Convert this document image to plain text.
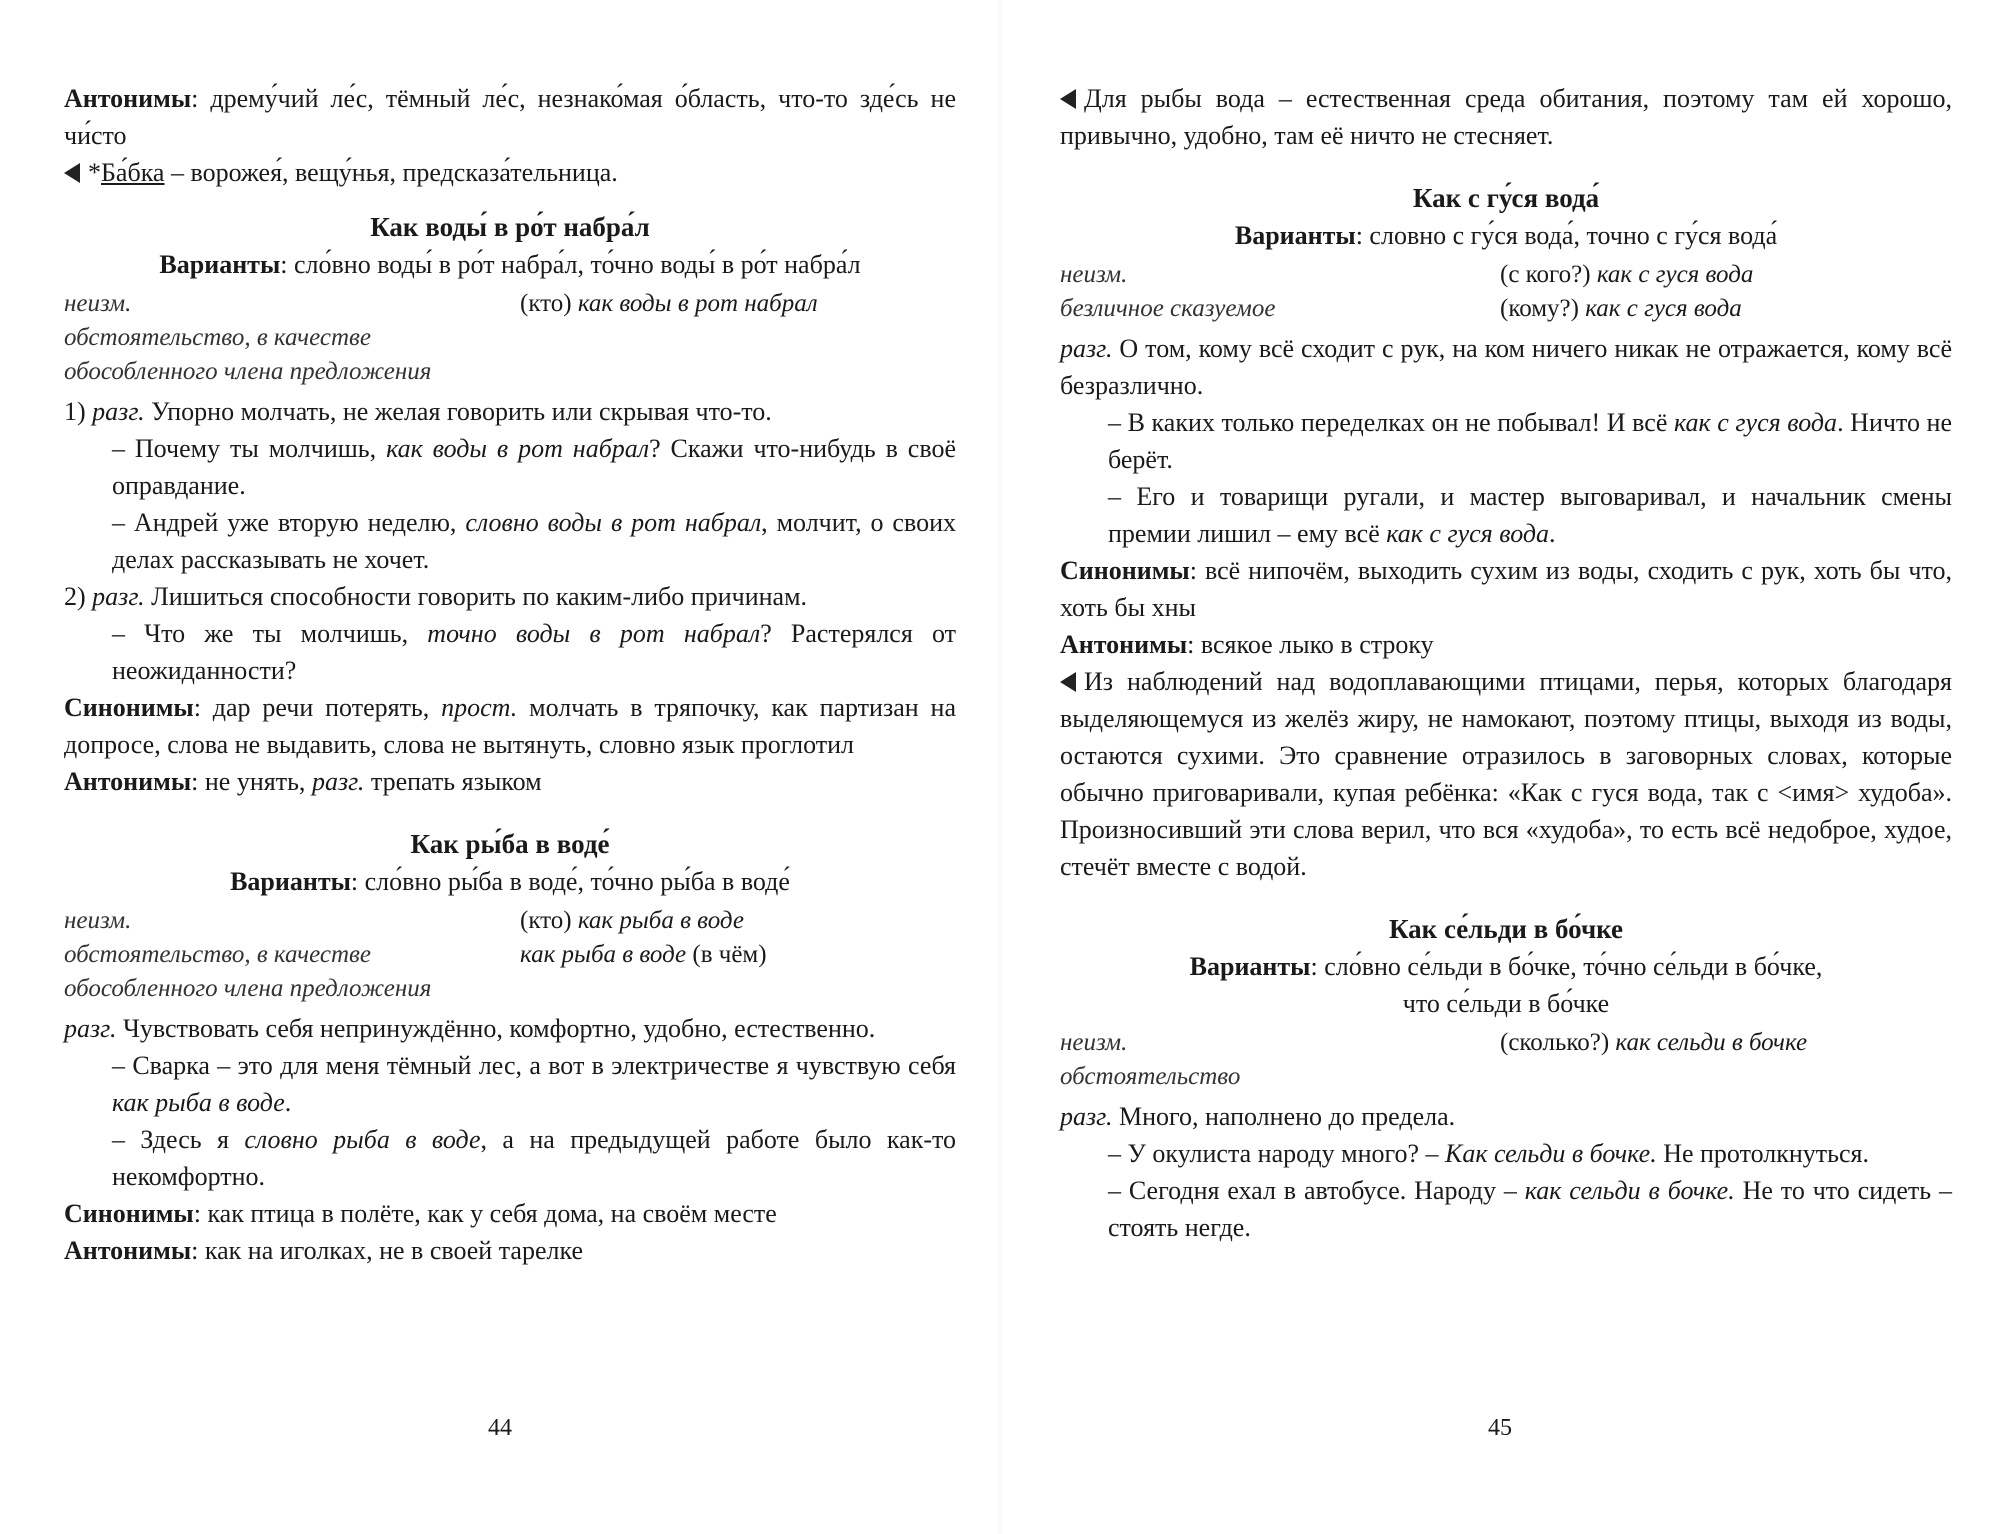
Антонимы: дрему́чий ле́с, тёмный ле́с, незнако́мая о́бласть, что-то зде́сь не чи́сто

*Ба́бка – ворожея́, вещу́нья, предсказа́тельница.

Как воды́ в ро́т набра́л

Варианты: сло́вно воды́ в ро́т набра́л, то́чно воды́ в ро́т набра́л

неизм.
обстоятельство, в качестве обособленного члена предложения
(кто) как воды в рот набрал

1) разг. Упорно молчать, не желая говорить или скрывая что-то.

– Почему ты молчишь, как воды в рот набрал? Скажи что-нибудь в своё оправдание.

– Андрей уже вторую неделю, словно воды в рот набрал, молчит, о своих делах рассказывать не хочет.

2) разг. Лишиться способности говорить по каким-либо причинам.

– Что же ты молчишь, точно воды в рот набрал? Растерялся от неожиданности?

Синонимы: дар речи потерять, прост. молчать в тряпочку, как партизан на допросе, слова не выдавить, слова не вытянуть, словно язык проглотил

Антонимы: не унять, разг. трепать языком

Как ры́ба в воде́

Варианты: сло́вно ры́ба в воде́, то́чно ры́ба в воде́

неизм.
обстоятельство, в качестве обособленного члена предложения
(кто) как рыба в воде
как рыба в воде (в чём)

разг. Чувствовать себя непринуждённо, комфортно, удобно, естественно.

– Сварка – это для меня тёмный лес, а вот в электричестве я чувствую себя как рыба в воде.

– Здесь я словно рыба в воде, а на предыдущей работе было как-то некомфортно.

Синонимы: как птица в полёте, как у себя дома, на своём месте

Антонимы: как на иголках, не в своей тарелке

44

Для рыбы вода – естественная среда обитания, поэтому там ей хорошо, привычно, удобно, там её ничто не стесняет.

Как с гу́ся вода́

Варианты: словно с гу́ся вода́, точно с гу́ся вода́

неизм.	(с кого?) как с гуся вода
безличное сказуемое	(кому?) как с гуся вода

разг. О том, кому всё сходит с рук, на ком ничего никак не отражается, кому всё безразлично.

– В каких только переделках он не побывал! И всё как с гуся вода. Ничто не берёт.

– Его и товарищи ругали, и мастер выговаривал, и начальник смены премии лишил – ему всё как с гуся вода.

Синонимы: всё нипочём, выходить сухим из воды, сходить с рук, хоть бы что, хоть бы хны

Антонимы: всякое лыко в строку

Из наблюдений над водоплавающими птицами, перья, которых благодаря выделяющемуся из желёз жиру, не намокают, поэтому птицы, выходя из воды, остаются сухими. Это сравнение отразилось в заговорных словах, которые обычно приговаривали, купая ребёнка: «Как с гуся вода, так с <имя> худоба». Произносивший эти слова верил, что вся «худоба», то есть всё недоброе, худое, стечёт вместе с водой.

Как се́льди в бо́чке

Варианты: сло́вно се́льди в бо́чке, то́чно се́льди в бо́чке,

что се́льди в бо́чке

неизм.
обстоятельство
(сколько?) как сельди в бочке

разг. Много, наполнено до предела.

– У окулиста народу много? – Как сельди в бочке. Не протолкнуться.

– Сегодня ехал в автобусе. Народу – как сельди в бочке. Не то что сидеть – стоять негде.

45
